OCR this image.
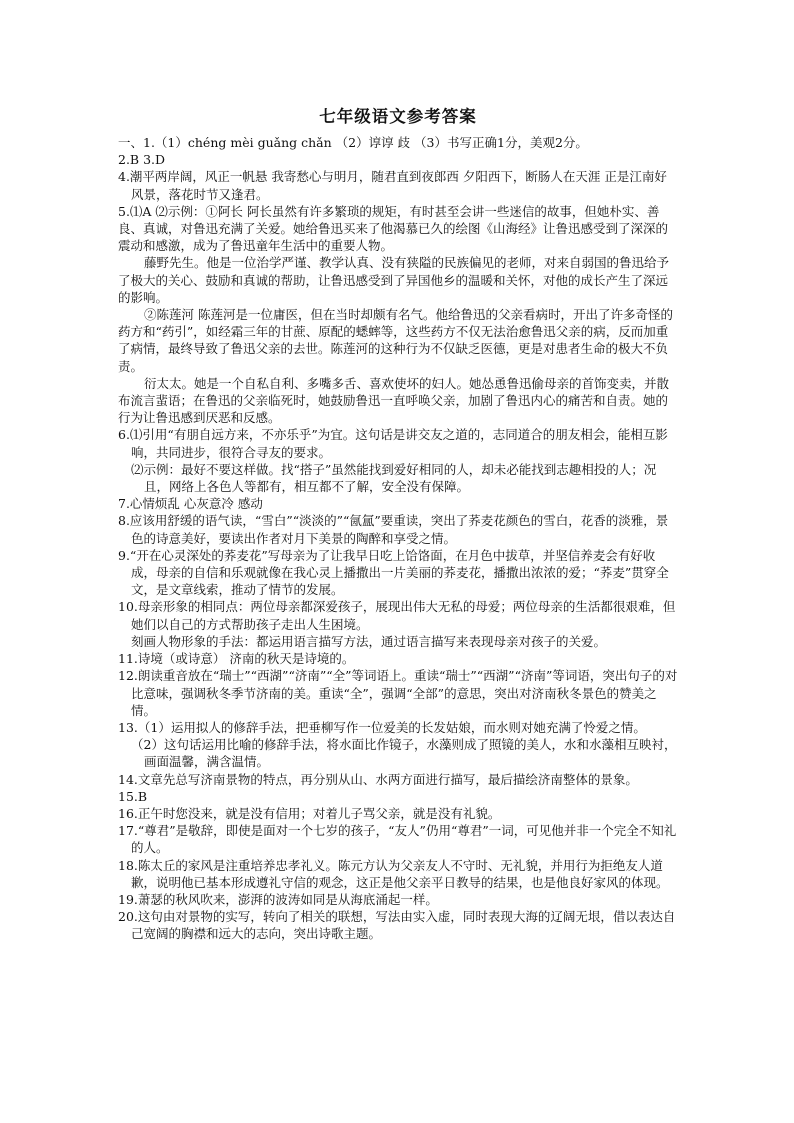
七年级语文参考答案

一、1.（1）chéng mèi guǎng chǎn （2）谆谆 歧 （3）书写正确1分，美观2分。

2.B 3.D

4.潮平两岸阔，风正一帆悬 我寄愁心与明月，随君直到夜郎西 夕阳西下，断肠人在天涯 正是江南好风景，落花时节又逢君。

5.⑴A ⑵示例：①阿长 阿长虽然有许多繁琐的规矩，有时甚至会讲一些迷信的故事，但她朴实、善良、真诚，对鲁迅充满了关爱。她给鲁迅买来了他渴慕已久的绘图《山海经》让鲁迅感受到了深深的震动和感激，成为了鲁迅童年生活中的重要人物。

藤野先生。他是一位治学严谨、教学认真、没有狭隘的民族偏见的老师，对来自弱国的鲁迅给予了极大的关心、鼓励和真诚的帮助，让鲁迅感受到了异国他乡的温暖和关怀，对他的成长产生了深远的影响。

②陈莲河 陈莲河是一位庸医，但在当时却颇有名气。他给鲁迅的父亲看病时，开出了许多奇怪的药方和“药引”，如经霜三年的甘蔗、原配的蟋蟀等，这些药方不仅无法治愈鲁迅父亲的病，反而加重了病情，最终导致了鲁迅父亲的去世。陈莲河的这种行为不仅缺乏医德，更是对患者生命的极大不负责。

衍太太。她是一个自私自利、多嘴多舌、喜欢使坏的妇人。她怂恿鲁迅偷母亲的首饰变卖，并散布流言蜚语；在鲁迅的父亲临死时，她鼓励鲁迅一直呼唤父亲，加剧了鲁迅内心的痛苦和自责。她的行为让鲁迅感到厌恶和反感。

6.⑴引用“有朋自远方来，不亦乐乎”为宜。这句话是讲交友之道的，志同道合的朋友相会，能相互影响，共同进步，很符合寻友的要求。

⑵示例：最好不要这样做。找“搭子”虽然能找到爱好相同的人，却未必能找到志趣相投的人；况且，网络上各色人等都有，相互都不了解，安全没有保障。

7.心情烦乱 心灰意冷 感动

8.应该用舒缓的语气读，“雪白”“淡淡的”“氤氲”要重读，突出了荞麦花颜色的雪白，花香的淡雅，景色的诗意美好，要读出作者对月下美景的陶醉和享受之情。

9.“开在心灵深处的荞麦花”写母亲为了让我早日吃上饸饹面，在月色中拔草，并坚信养麦会有好收成，母亲的自信和乐观就像在我心灵上播撒出一片美丽的荞麦花，播撒出浓浓的爱；“荞麦”贯穿全文，是文章线索，推动了情节的发展。

10.母亲形象的相同点：两位母亲都深爱孩子，展现出伟大无私的母爱；两位母亲的生活都很艰难，但她们以自己的方式帮助孩子走出人生困境。

刻画人物形象的手法：都运用语言描写方法，通过语言描写来表现母亲对孩子的关爱。

11.诗境（或诗意） 济南的秋天是诗境的。

12.朗读重音放在“瑞士”“西湖”“济南”“全”等词语上。重读“瑞士”“西湖”“济南”等词语，突出句子的对比意味，强调秋冬季节济南的美。重读“全”，强调“全部”的意思，突出对济南秋冬景色的赞美之情。

13.（1）运用拟人的修辞手法，把垂柳写作一位爱美的长发姑娘，而水则对她充满了怜爱之情。

（2）这句话运用比喻的修辞手法，将水面比作镜子，水藻则成了照镜的美人，水和水藻相互映衬，画面温馨，满含温情。

14.文章先总写济南景物的特点，再分别从山、水两方面进行描写，最后描绘济南整体的景象。

15.B

16.正午时您没来，就是没有信用；对着儿子骂父亲，就是没有礼貌。

17.“尊君”是敬辞，即使是面对一个七岁的孩子，“友人”仍用“尊君”一词，可见他并非一个完全不知礼的人。

18.陈太丘的家风是注重培养忠孝礼义。陈元方认为父亲友人不守时、无礼貌，并用行为拒绝友人道歉，说明他已基本形成遵礼守信的观念，这正是他父亲平日教导的结果，也是他良好家风的体现。

19.萧瑟的秋风吹来，澎湃的波涛如同是从海底涌起一样。

20.这句由对景物的实写，转向了相关的联想，写法由实入虚，同时表现大海的辽阔无垠，借以表达自己宽阔的胸襟和远大的志向，突出诗歌主题。
